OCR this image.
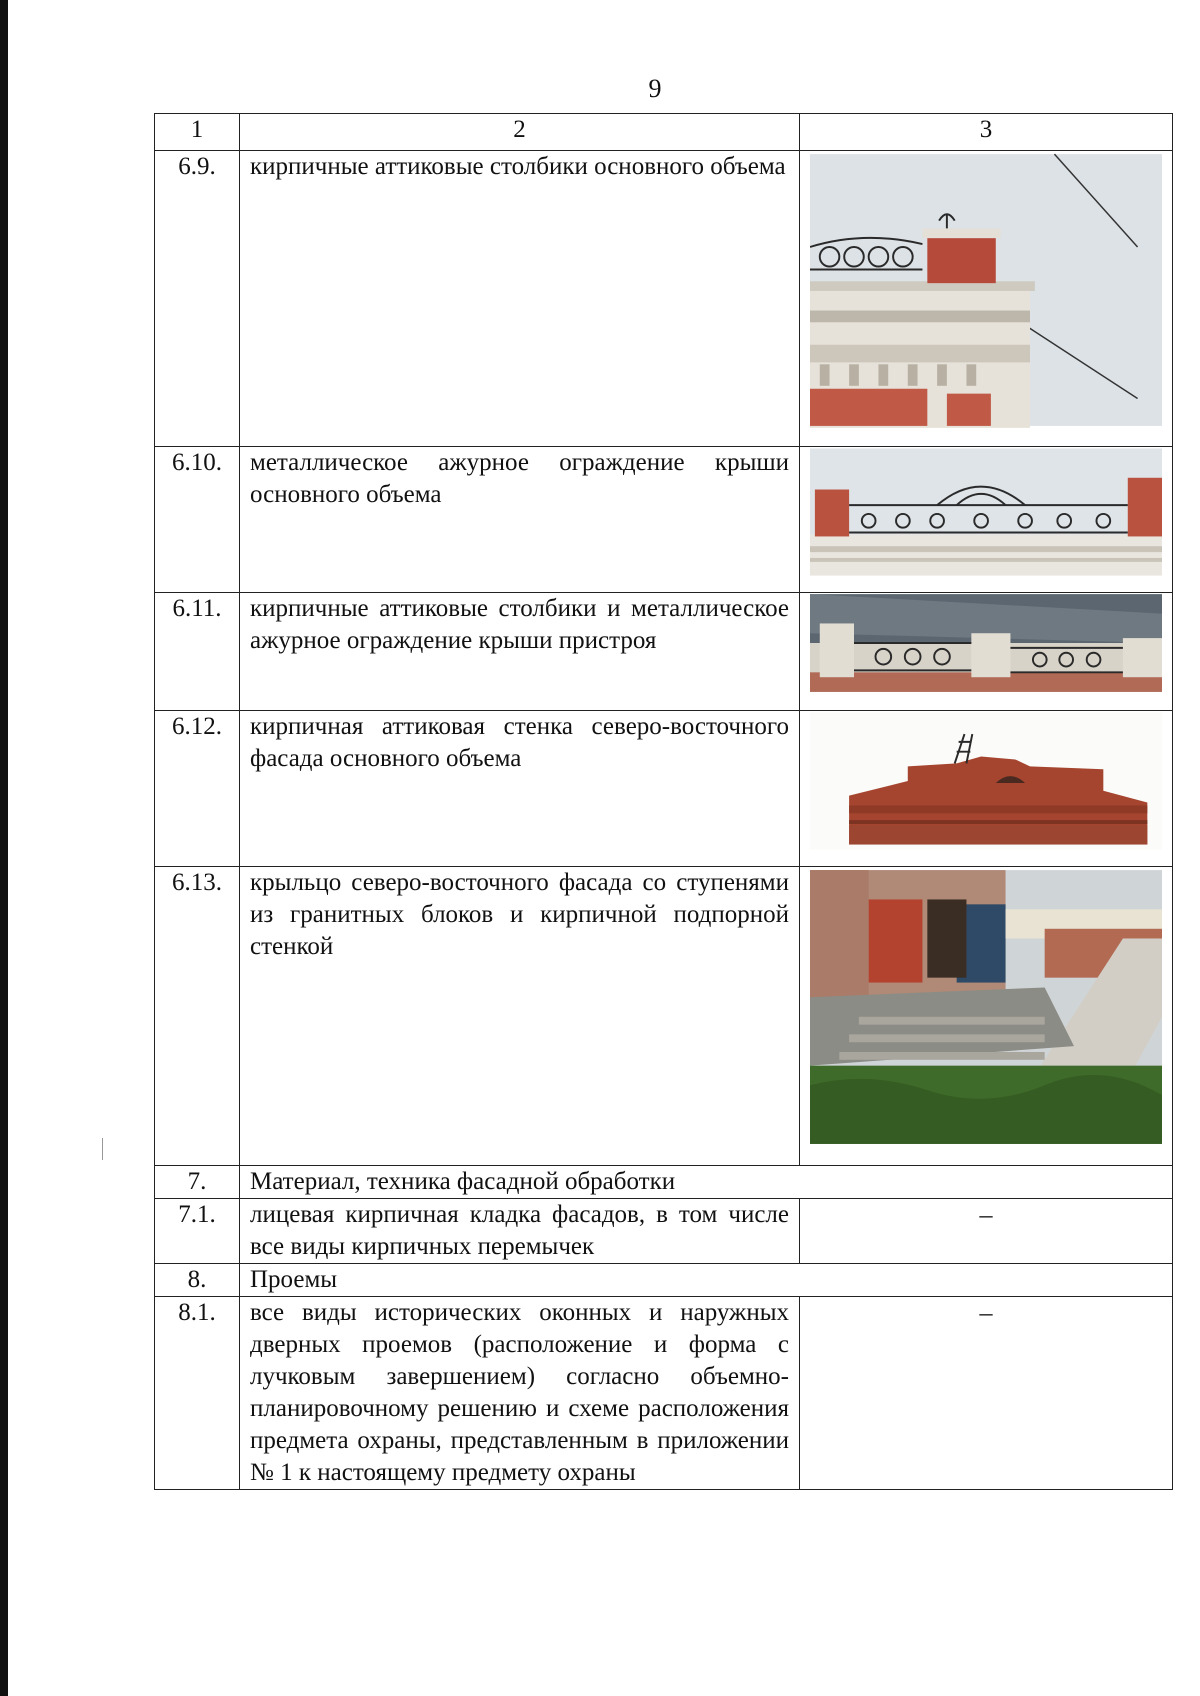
9
1	2	3
6.9.	кирпичные аттиковые столбики основного объема

6.10.	металлическое ажурное ограждение крыши основного объема

6.11.	кирпичные аттиковые столбики и металлическое ажурное ограждение крыши пристроя

6.12.	кирпичная аттиковая стенка северо-восточного фасада основного объема

6.13.	крыльцо северо-восточного фасада со ступенями из гранитных блоков и кирпичной подпорной стенкой

7.	Материал, техника фасадной обработки	
7.1.	лицевая кирпичная кладка фасадов, в том числе все виды кирпичных перемычек	–
8.	Проемы	
8.1.	все виды исторических оконных и наружных дверных проемов (расположение и форма с лучковым завершением) согласно объемно-планировочному решению и схеме расположения предмета охраны, представленным в приложении № 1 к настоящему предмету охраны	–
